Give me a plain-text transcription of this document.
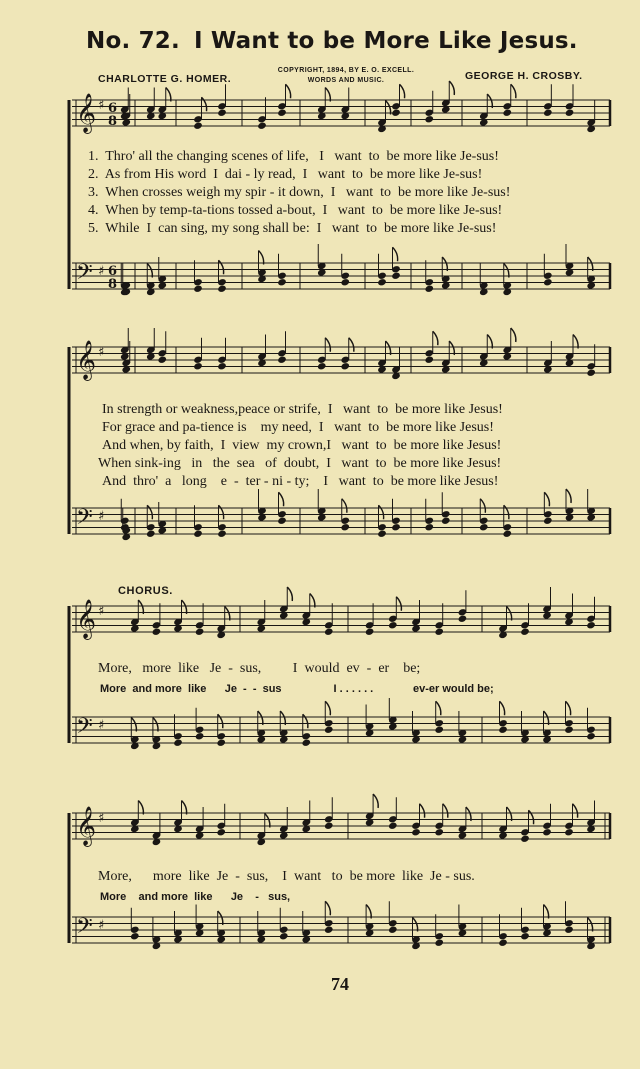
No. 72. I Want to be More Like Jesus.
CHARLOTTE G. HOMER.
COPYRIGHT, 1894, BY E. O. EXCELL.
WORDS AND MUSIC.	GEORGE H. CROSBY.
𝄞 ♯ 6
8
𝄢 ♯ 6
8
𝄞 ♯
𝄢 ♯
𝄞 ♯
𝄢 ♯
𝄞 ♯
𝄢 ♯
1.  Thro' all the changing scenes of life,   I   want  to  be more like Je-sus!
2.  As from His word  I  dai - ly read,  I   want  to  be more like Je-sus!
3.  When crosses weigh my spir - it down,  I   want  to  be more like Je-sus!
4.  When by temp-ta-tions tossed a-bout,  I   want  to  be more like Je-sus!
5.  While  I  can sing, my song shall be:  I   want  to  be more like Je-sus!
In strength or weakness,peace or strife,  I   want  to  be more like Jesus!
For grace and pa-tience is    my need,  I   want  to  be more like Jesus!
And when, by faith,  I  view  my crown,I   want  to  be more like Jesus!
When sink-ing   in   the  sea   of  doubt,  I   want  to  be more like Jesus!
And  thro'  a   long    e  -  ter - ni - ty;    I   want  to  be more like Jesus!
CHORUS.
More,   more  like   Je  -  sus,         I  would  ev  -  er    be;
More  and more  like      Je  -  -  sus                 I . . . . . .             ev-er would be;
More,      more  like  Je  -  sus,    I  want   to  be more  like  Je - sus.
More    and more  like      Je    -   sus,
74
